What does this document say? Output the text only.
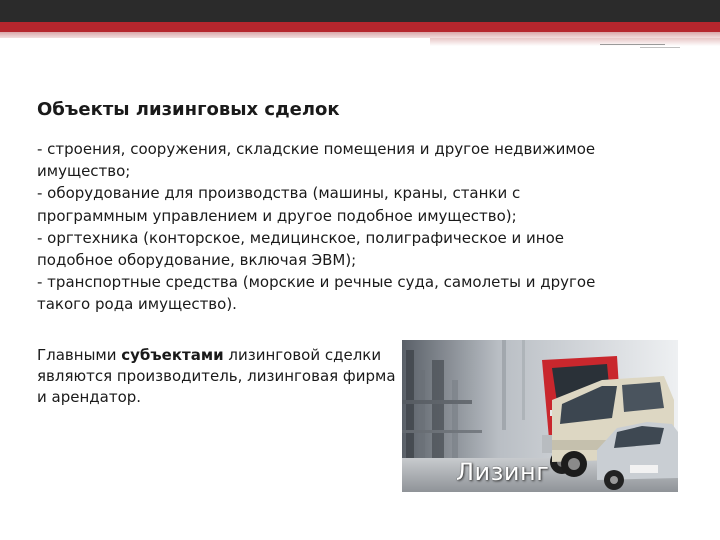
Объекты лизинговых сделок

- строения, сооружения, складские помещения и другое недвижимое имущество;

- оборудование для производства (машины, краны, станки с программным управлением и другое подобное имущество);

- оргтехника (конторское, медицинское, полиграфическое и иное подобное оборудование, включая ЭВМ);

- транспортные средства (морские и речные суда, самолеты и другое такого рода имущество).

Главными субъектами лизинговой сделки являются производитель, лизинговая фирма и арендатор.

Лизинг
